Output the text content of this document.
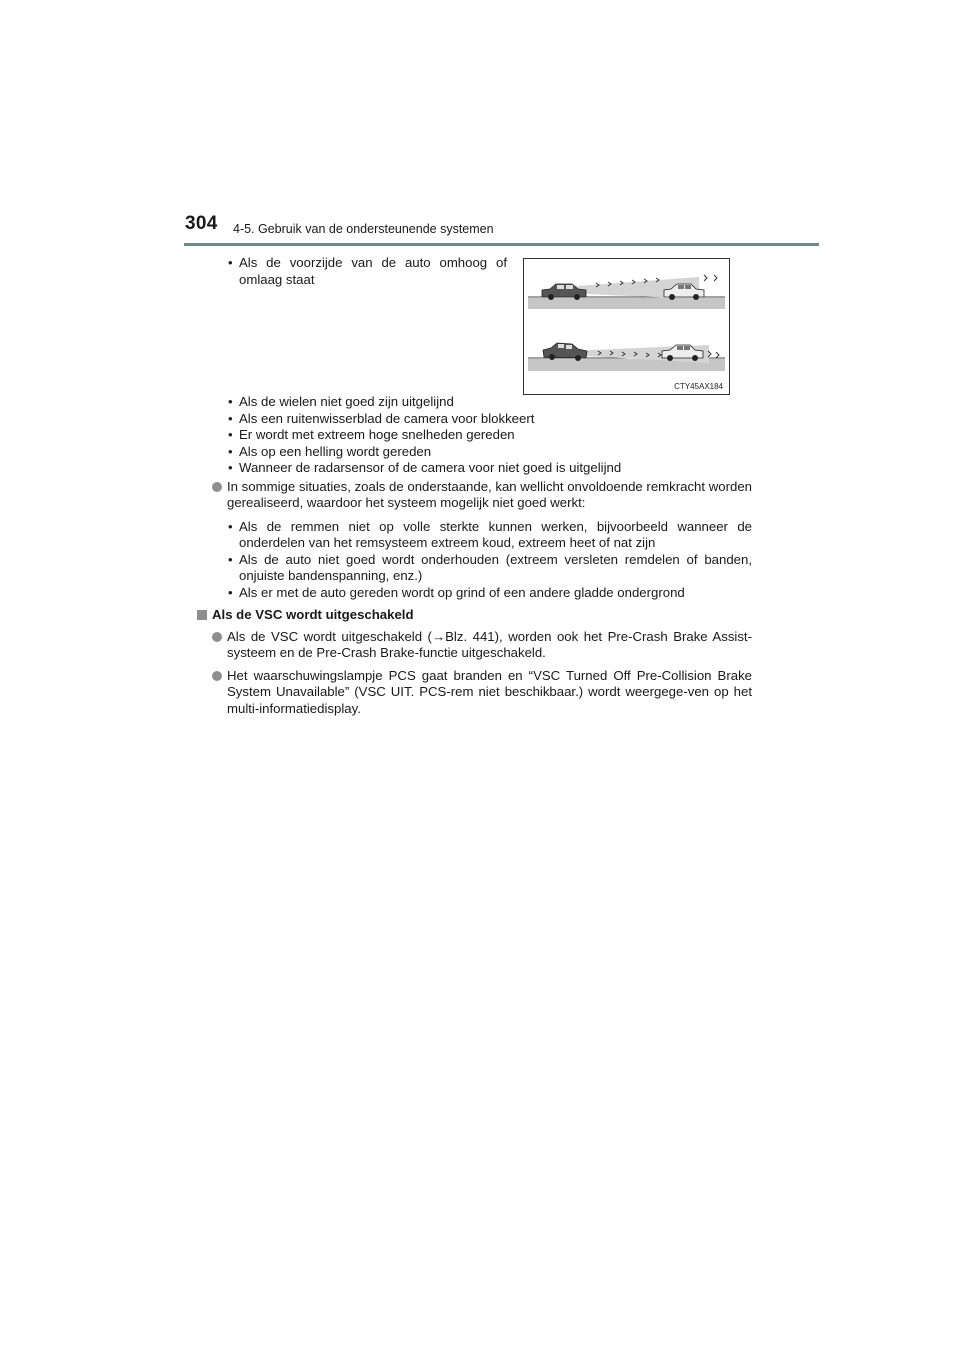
304 4-5. Gebruik van de ondersteunende systemen
CTY45AX184
• Als de voorzijde van de auto omhoog of omlaag staat
• Als de wielen niet goed zijn uitgelijnd
• Als een ruitenwisserblad de camera voor blokkeert
• Er wordt met extreem hoge snelheden gereden
• Als op een helling wordt gereden
• Wanneer de radarsensor of de camera voor niet goed is uitgelijnd
In sommige situaties, zoals de onderstaande, kan wellicht onvoldoende remkracht worden gerealiseerd, waardoor het systeem mogelijk niet goed werkt:
• Als de remmen niet op volle sterkte kunnen werken, bijvoorbeeld wanneer de onderdelen van het remsysteem extreem koud, extreem heet of nat zijn
• Als de auto niet goed wordt onderhouden (extreem versleten remdelen of banden, onjuiste bandenspanning, enz.)
• Als er met de auto gereden wordt op grind of een andere gladde ondergrond
Als de VSC wordt uitgeschakeld
Als de VSC wordt uitgeschakeld (→Blz. 441), worden ook het Pre-Crash Brake Assist-systeem en de Pre-Crash Brake-functie uitgeschakeld.
Het waarschuwingslampje PCS gaat branden en “VSC Turned Off Pre-Collision Brake System Unavailable” (VSC UIT. PCS-rem niet beschikbaar.) wordt weergege-ven op het multi-informatiedisplay.
